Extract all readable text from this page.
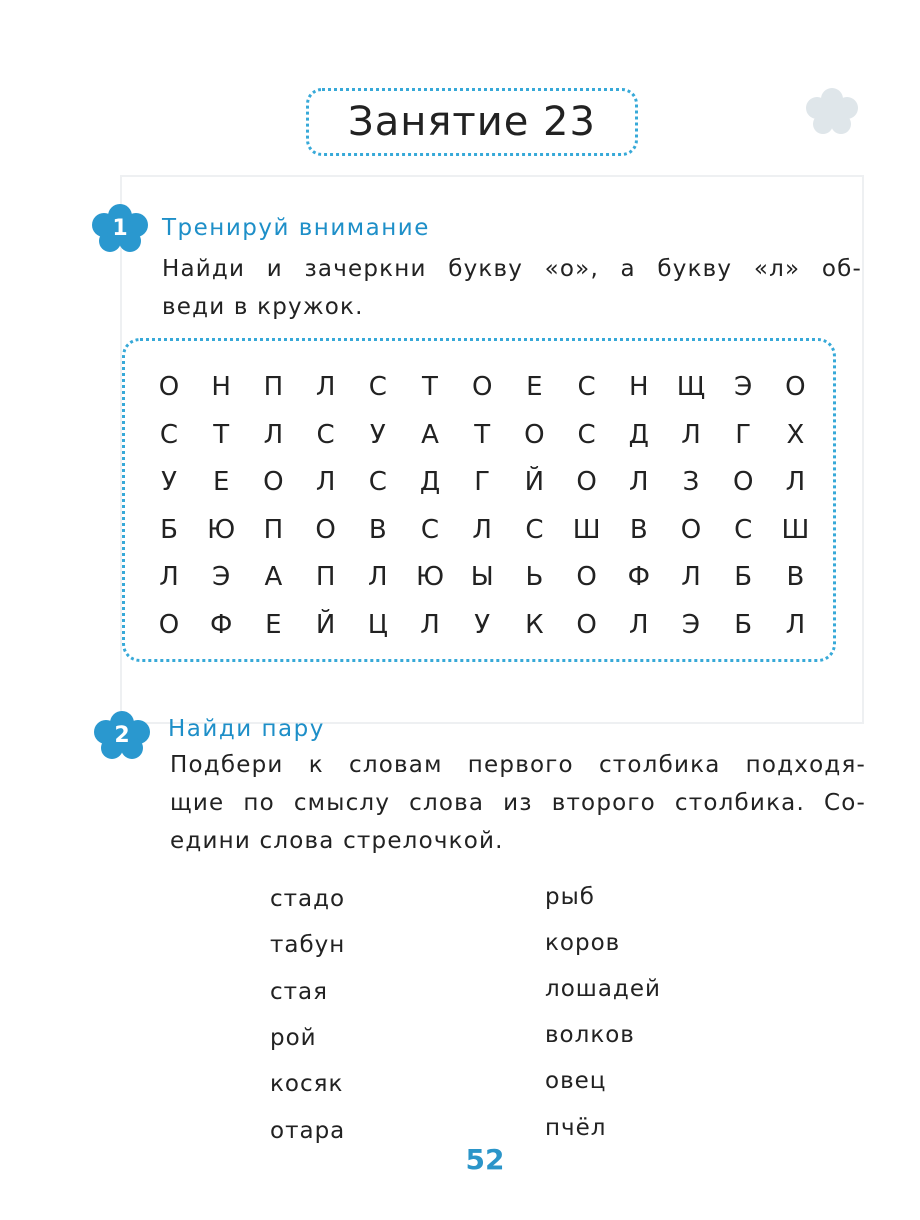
Занятие 23
1	Тренируй внимание
Найди и зачеркни букву «о», а букву «л» об-
веди в кружок.
О	Н	П	Л	С	Т	О	Е	С	Н	Щ	Э	О
С	Т	Л	С	У	А	Т	О	С	Д	Л	Г	Х
У	Е	О	Л	С	Д	Г	Й	О	Л	З	О	Л
Б	Ю	П	О	В	С	Л	С	Ш	В	О	С	Ш
Л	Э	А	П	Л	Ю	Ы	Ь	О	Ф	Л	Б	В
О	Ф	Е	Й	Ц	Л	У	К	О	Л	Э	Б	Л
2	Найди пару
Подбери к словам первого столбика подходя-
щие по смыслу слова из второго столбика. Со-
едини слова стрелочкой.
стадо
табун
стая
рой
косяк
отара
рыб
коров
лошадей
волков
овец
пчёл
52
